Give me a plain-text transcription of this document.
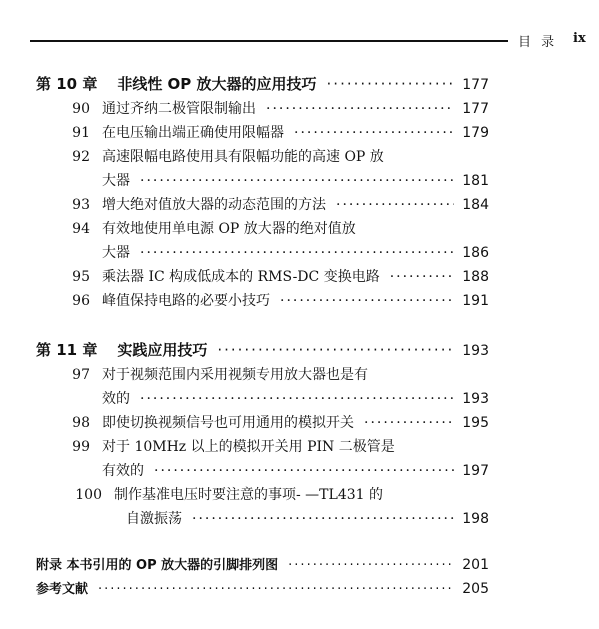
目 录 ix
第 10 章 非线性 OP 放大器的应用技巧 ·····	177
90 通过齐纳二极管限制输出 ·····	177
91 在电压输出端正确使用限幅器 ·····	179
92 高速限幅电路使用具有限幅功能的高速 OP 放
大器 ·····	181
93 增大绝对值放大器的动态范围的方法 ·····	184
94 有效地使用单电源 OP 放大器的绝对值放
大器 ·····	186
95 乘法器 IC 构成低成本的 RMS-DC 变换电路 ·····	188
96 峰值保持电路的必要小技巧 ·····	191
第 11 章 实践应用技巧 ·····	193
97 对于视频范围内采用视频专用放大器也是有
效的 ·····	193
98 即使切换视频信号也可用通用的模拟开关 ·····	195
99 对于 10MHz 以上的模拟开关用 PIN 二极管是
有效的 ·····	197
100 制作基准电压时要注意的事项- —TL431 的
自激振荡 ·····	198
附录 本书引用的 OP 放大器的引脚排列图 ·····	201
参考文献 ·····	205
